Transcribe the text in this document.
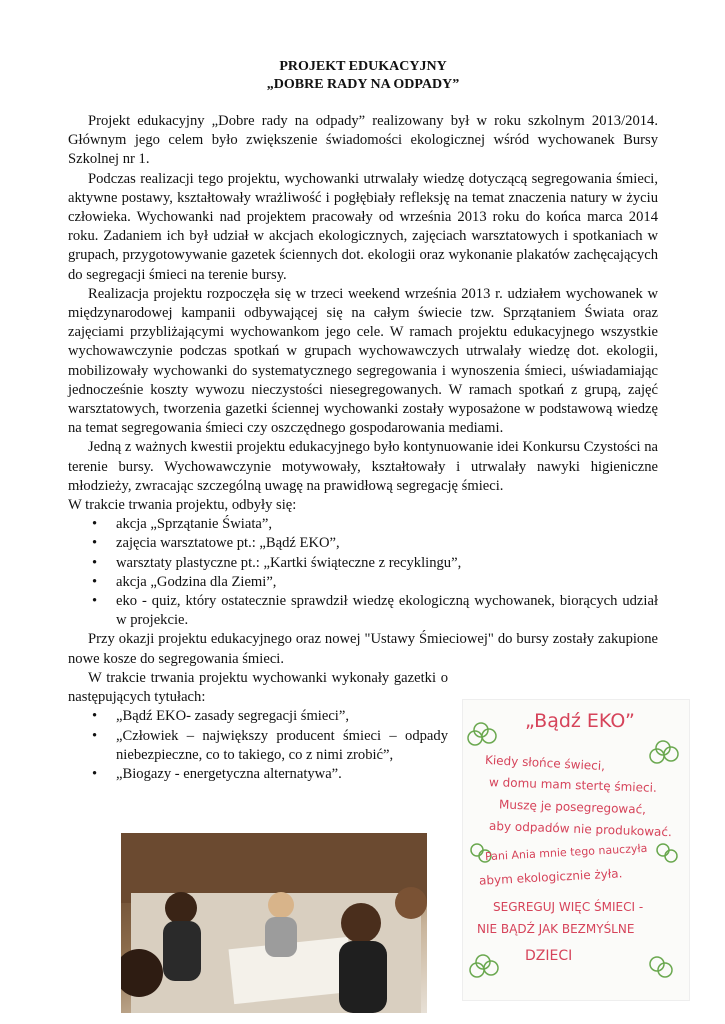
PROJEKT EDUKACYJNY
„DOBRE RADY NA ODPADY”

Projekt edukacyjny „Dobre rady na odpady” realizowany był w roku szkolnym 2013/2014. Głównym jego celem było zwiększenie świadomości ekologicznej wśród wychowanek Bursy Szkolnej nr 1.

Podczas realizacji tego projektu, wychowanki utrwalały wiedzę dotyczącą segregowania śmieci, aktywne postawy, kształtowały wrażliwość i pogłębiały refleksję na temat znaczenia natury w życiu człowieka. Wychowanki nad projektem pracowały od września 2013 roku do końca marca 2014 roku. Zadaniem ich był udział w akcjach ekologicznych, zajęciach warsztatowych i spotkaniach w grupach, przygotowywanie gazetek ściennych dot. ekologii oraz wykonanie plakatów zachęcających do segregacji śmieci na terenie bursy.

Realizacja projektu rozpoczęła się w trzeci weekend września 2013 r. udziałem wychowanek w międzynarodowej kampanii odbywającej się na całym świecie tzw. Sprzątaniem Świata oraz zajęciami przybliżającymi wychowankom jego cele. W ramach projektu edukacyjnego wszystkie wychowawczynie podczas spotkań w grupach wychowawczych utrwalały wiedzę dot. ekologii, mobilizowały wychowanki do systematycznego segregowania i wynoszenia śmieci, uświadamiając jednocześnie koszty wywozu nieczystości niesegregowanych. W ramach spotkań z grupą, zajęć warsztatowych, tworzenia gazetki ściennej wychowanki zostały wyposażone w podstawową wiedzę na temat segregowania śmieci czy oszczędnego gospodarowania mediami.

Jedną z ważnych kwestii projektu edukacyjnego było kontynuowanie idei Konkursu Czystości na terenie bursy. Wychowawczynie motywowały, kształtowały i utrwalały nawyki higieniczne młodzieży, zwracając szczególną uwagę na prawidłową segregację śmieci.

W trakcie trwania projektu, odbyły się:

• akcja „Sprzątanie Świata”,
• zajęcia warsztatowe pt.: „Bądź EKO”,
• warsztaty plastyczne pt.: „Kartki świąteczne z recyklingu”,
• akcja „Godzina dla Ziemi”,
• eko - quiz, który ostatecznie sprawdził wiedzę ekologiczną wychowanek, biorących udział w projekcie.

Przy okazji projektu edukacyjnego oraz nowej "Ustawy Śmieciowej" do bursy zostały zakupione nowe kosze do segregowania śmieci.

W trakcie trwania projektu wychowanki wykonały gazetki o następujących tytułach:

• „Bądź EKO- zasady segregacji śmieci”,
• „Człowiek – największy producent śmieci – odpady niebezpieczne, co to takiego, co z nimi zrobić”,
• „Biogazy - energetyczna alternatywa”.
„Bądź EKO”
Kiedy słońce świeci,
w domu mam stertę śmieci.
Muszę je posegregować,
aby odpadów nie produkować.
Pani Ania mnie tego nauczyła
abym ekologicznie żyła.
SEGREGUJ WIĘC ŚMIECI -
NIE BĄDŹ JAK BEZMYŚLNE
DZIECI
